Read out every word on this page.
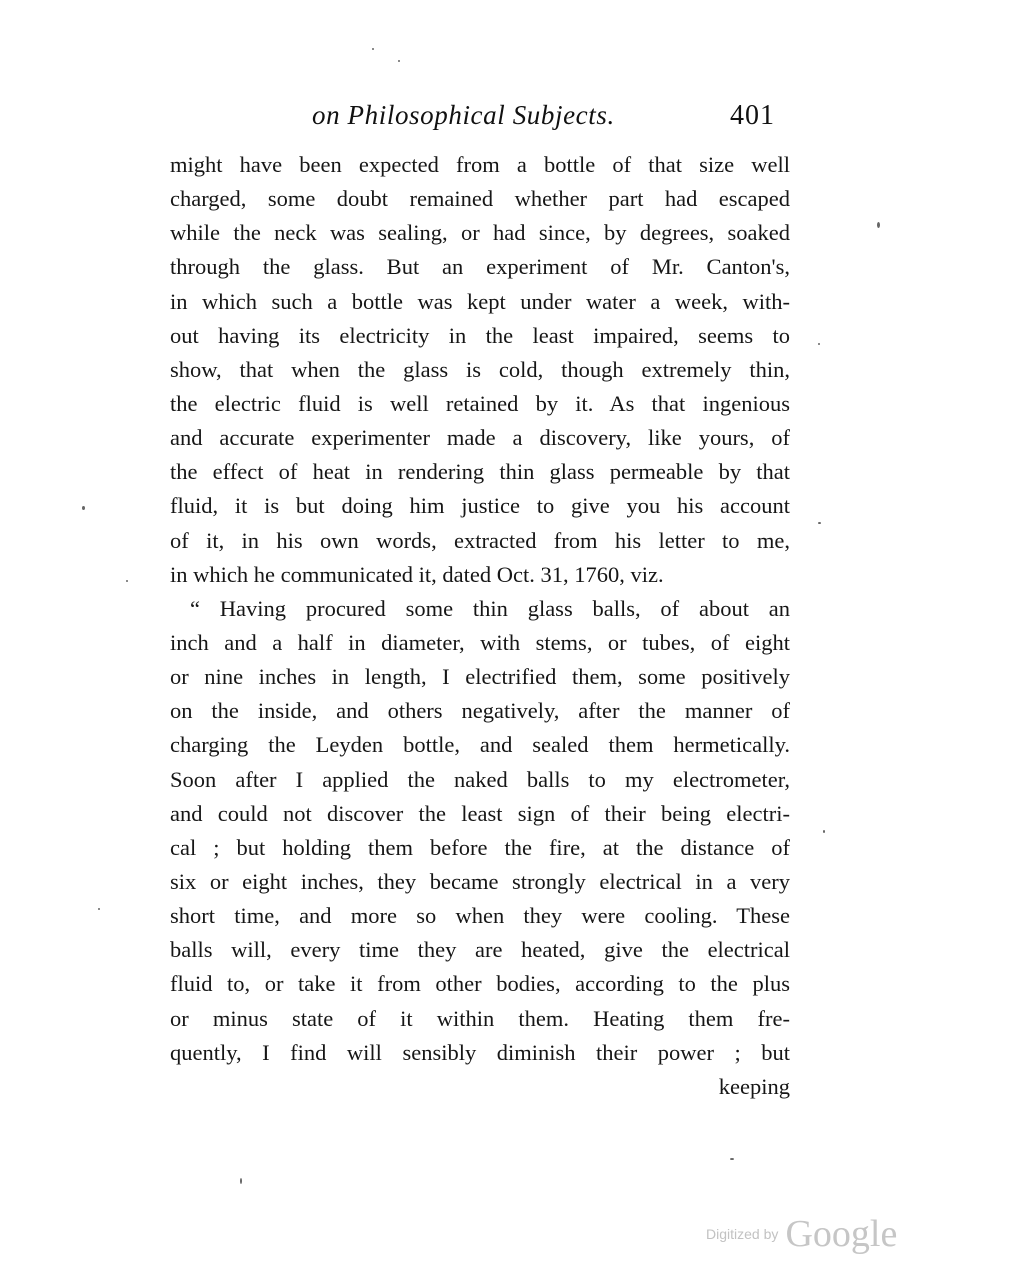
on Philosophical Subjects.	401
might have been expected from a bottle of that size well
charged, some doubt remained whether part had escaped
while the neck was sealing, or had since, by degrees, soaked
through the glass. But an experiment of Mr. Canton's,
in which such a bottle was kept under water a week, with-
out having its electricity in the least impaired, seems to
show, that when the glass is cold, though extremely thin,
the electric fluid is well retained by it. As that ingenious
and accurate experimenter made a discovery, like yours, of
the effect of heat in rendering thin glass permeable by that
fluid, it is but doing him justice to give you his account
of it, in his own words, extracted from his letter to me,
in which he communicated it, dated Oct. 31, 1760, viz.
“ Having procured some thin glass balls, of about an
inch and a half in diameter, with stems, or tubes, of eight
or nine inches in length, I electrified them, some positively
on the inside, and others negatively, after the manner of
charging the Leyden bottle, and sealed them hermetically.
Soon after I applied the naked balls to my electrometer,
and could not discover the least sign of their being electri-
cal ; but holding them before the fire, at the distance of
six or eight inches, they became strongly electrical in a very
short time, and more so when they were cooling. These
balls will, every time they are heated, give the electrical
fluid to, or take it from other bodies, according to the plus
or minus state of it within them. Heating them fre-
quently, I find will sensibly diminish their power ; but
keeping
Digitized by Google
